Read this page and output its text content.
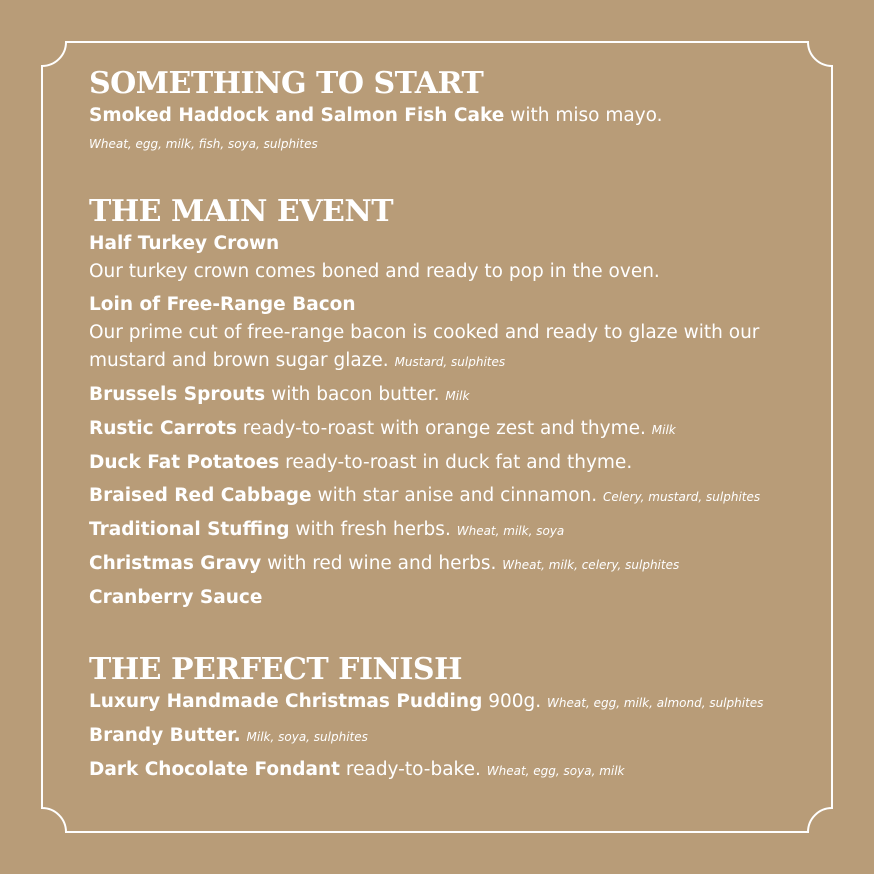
SOMETHING TO START

Smoked Haddock and Salmon Fish Cake with miso mayo.

Wheat, egg, milk, fish, soya, sulphites

THE MAIN EVENT

Half Turkey Crown

Our turkey crown comes boned and ready to pop in the oven.

Loin of Free-Range Bacon

Our prime cut of free-range bacon is cooked and ready to glaze with our mustard and brown sugar glaze. Mustard, sulphites

Brussels Sprouts with bacon butter. Milk

Rustic Carrots ready-to-roast with orange zest and thyme. Milk

Duck Fat Potatoes ready-to-roast in duck fat and thyme.

Braised Red Cabbage with star anise and cinnamon. Celery, mustard, sulphites

Traditional Stuffing with fresh herbs. Wheat, milk, soya

Christmas Gravy with red wine and herbs. Wheat, milk, celery, sulphites

Cranberry Sauce

THE PERFECT FINISH

Luxury Handmade Christmas Pudding 900g. Wheat, egg, milk, almond, sulphites

Brandy Butter. Milk, soya, sulphites

Dark Chocolate Fondant ready-to-bake. Wheat, egg, soya, milk
